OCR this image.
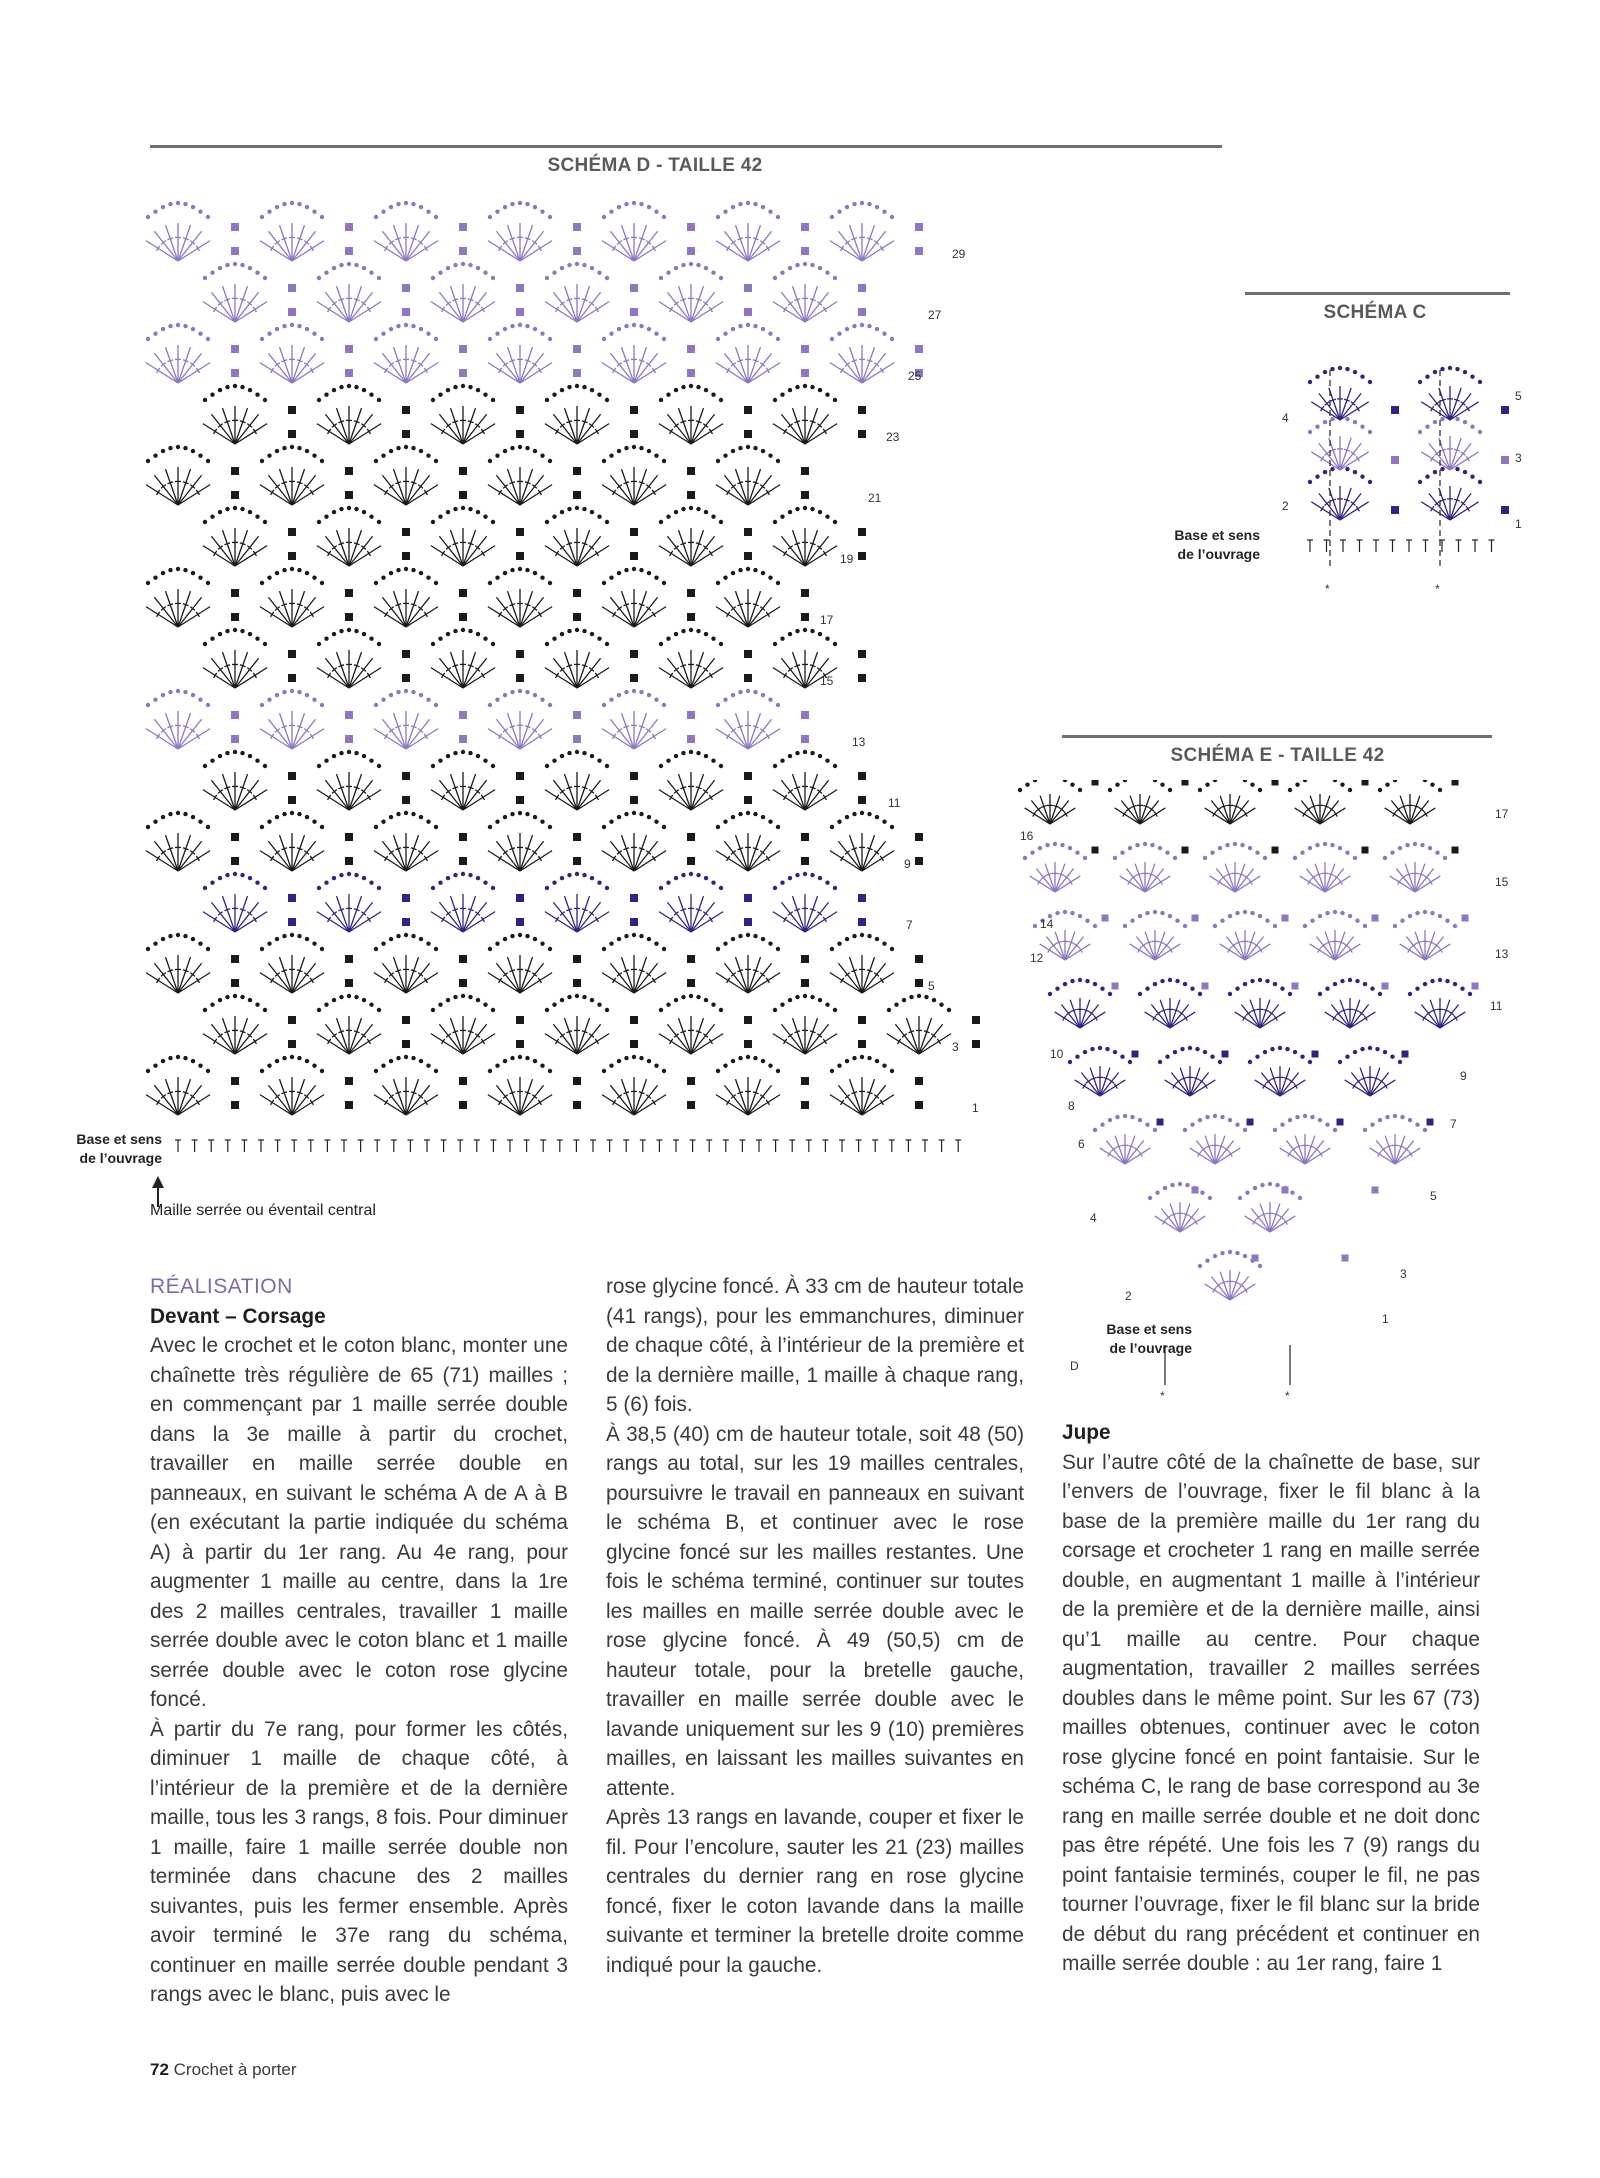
SCHÉMA D - TAILLE 42
1
3
5
7
9
11
13
15
17
19
21
23
25
27
29
Base et sens de l’ouvrage
Maille serrée ou éventail central
SCHÉMA C
*	*
2
4
1
3
5
Base et sens de l’ouvrage
SCHÉMA E - TAILLE 42
2
4
6
8
10
12
14
16
1
3
5
7
9
11
13
15
17
D
*	*
Base et sens de l’ouvrage
RÉALISATION
Devant – Corsage

Avec le crochet et le coton blanc, monter une chaînette très régulière de 65 (71) mailles ; en commençant par 1 maille serrée double dans la 3e maille à partir du crochet, travailler en maille serrée double en panneaux, en suivant le schéma A de A à B (en exécutant la partie indiquée du schéma A) à partir du 1er rang. Au 4e rang, pour augmenter 1 maille au centre, dans la 1re des 2 mailles centrales, travailler 1 maille serrée double avec le coton blanc et 1 maille serrée double avec le coton rose glycine foncé.

À partir du 7e rang, pour former les côtés, diminuer 1 maille de chaque côté, à l’intérieur de la première et de la dernière maille, tous les 3 rangs, 8 fois. Pour diminuer 1 maille, faire 1 maille serrée double non terminée dans chacune des 2 mailles suivantes, puis les fermer ensemble. Après avoir terminé le 37e rang du schéma, continuer en maille serrée double pendant 3 rangs avec le blanc, puis avec le

rose glycine foncé. À 33 cm de hauteur totale (41 rangs), pour les emmanchures, diminuer de chaque côté, à l’intérieur de la première et de la dernière maille, 1 maille à chaque rang, 5 (6) fois.

À 38,5 (40) cm de hauteur totale, soit 48 (50) rangs au total, sur les 19 mailles centrales, poursuivre le travail en panneaux en suivant le schéma B, et continuer avec le rose glycine foncé sur les mailles restantes. Une fois le schéma terminé, continuer sur toutes les mailles en maille serrée double avec le rose glycine foncé. À 49 (50,5) cm de hauteur totale, pour la bretelle gauche, travailler en maille serrée double avec le lavande uniquement sur les 9 (10) premières mailles, en laissant les mailles suivantes en attente.

Après 13 rangs en lavande, couper et fixer le fil. Pour l’encolure, sauter les 21 (23) mailles centrales du dernier rang en rose glycine foncé, fixer le coton lavande dans la maille suivante et terminer la bretelle droite comme indiqué pour la gauche.

Jupe

Sur l’autre côté de la chaînette de base, sur l’envers de l’ouvrage, fixer le fil blanc à la base de la première maille du 1er rang du corsage et crocheter 1 rang en maille serrée double, en augmentant 1 maille à l’intérieur de la première et de la dernière maille, ainsi qu’1 maille au centre. Pour chaque augmentation, travailler 2 mailles serrées doubles dans le même point. Sur les 67 (73) mailles obtenues, continuer avec le coton rose glycine foncé en point fantaisie. Sur le schéma C, le rang de base correspond au 3e rang en maille serrée double et ne doit donc pas être répété. Une fois les 7 (9) rangs du point fantaisie terminés, couper le fil, ne pas tourner l’ouvrage, fixer le fil blanc sur la bride de début du rang précédent et continuer en maille serrée double : au 1er rang, faire 1

72 Crochet à porter
